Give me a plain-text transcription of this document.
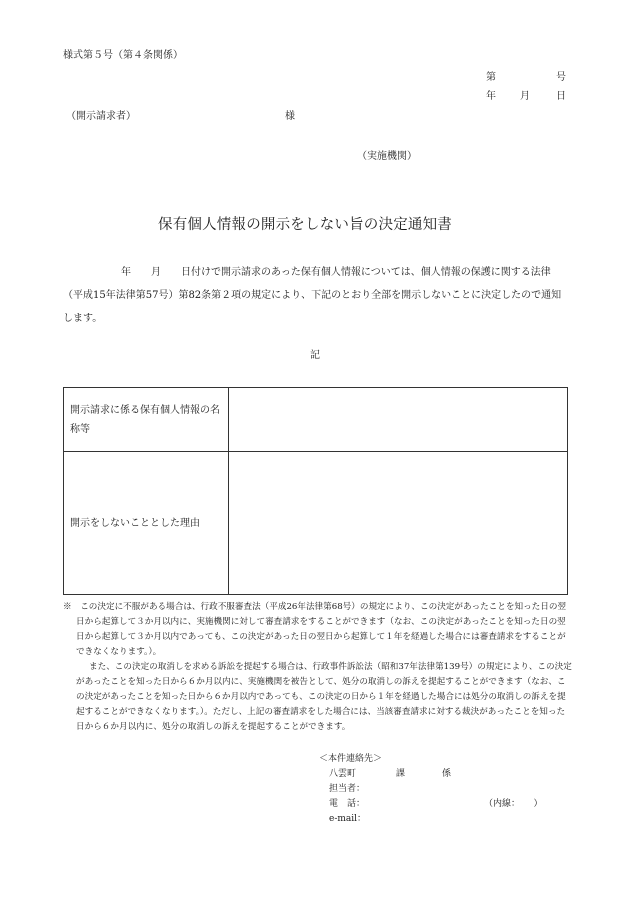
様式第５号（第４条関係）
第	号
年 月	日
（開示請求者）	様
（実施機関）
保有個人情報の開示をしない旨の決定通知書
年 月 日付けで開示請求のあった保有個人情報については、個人情報の保護に関する法律（平成15年法律第57号）第82条第２項の規定により、下記のとおり全部を開示しないことに決定したので通知します。
記
開示請求に係る保有個人情報の名称等	
開示をしないこととした理由	

※　この決定に不服がある場合は、行政不服審査法（平成26年法律第68号）の規定により、この決定があったことを知った日の翌日から起算して３か月以内に、実施機関に対して審査請求をすることができます（なお、この決定があったことを知った日の翌日から起算して３か月以内であっても、この決定があった日の翌日から起算して１年を経過した場合には審査請求をすることができなくなります。）。

また、この決定の取消しを求める訴訟を提起する場合は、行政事件訴訟法（昭和37年法律第139号）の規定により、この決定があったことを知った日から６か月以内に、実施機関を被告として、処分の取消しの訴えを提起することができます（なお、この決定があったことを知った日から６か月以内であっても、この決定の日から１年を経過した場合には処分の取消しの訴えを提起することができなくなります。）。ただし、上記の審査請求をした場合には、当該審査請求に対する裁決があったことを知った日から６か月以内に、処分の取消しの訴えを提起することができます。

＜本件連絡先＞
八雲町	課	係
担当者：
電　話：	（内線：　　）
e-mail：
